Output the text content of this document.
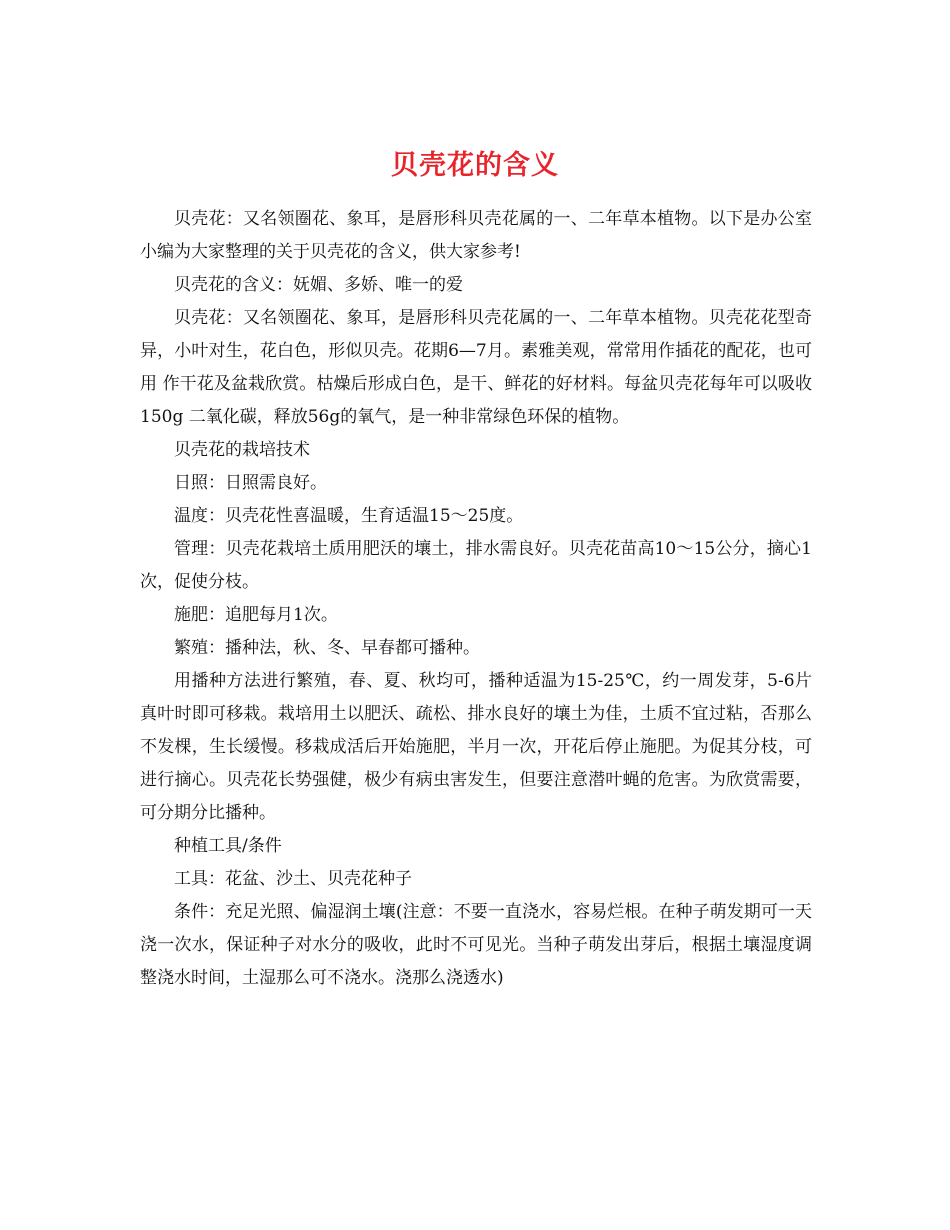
贝壳花的含义

贝壳花：又名领圈花、象耳，是唇形科贝壳花属的一、二年草本植物。以下是办公室小编为大家整理的关于贝壳花的含义，供大家参考!

贝壳花的含义：妩媚、多娇、唯一的爱

贝壳花：又名领圈花、象耳，是唇形科贝壳花属的一、二年草本植物。贝壳花花型奇异，小叶对生，花白色，形似贝壳。花期6—7月。素雅美观，常常用作插花的配花，也可用 作干花及盆栽欣赏。枯燥后形成白色，是干、鲜花的好材料。每盆贝壳花每年可以吸收150g 二氧化碳，释放56g的氧气，是一种非常绿色环保的植物。

贝壳花的栽培技术

日照：日照需良好。

温度：贝壳花性喜温暖，生育适温15～25度。

管理：贝壳花栽培土质用肥沃的壤土，排水需良好。贝壳花苗高10～15公分，摘心1次，促使分枝。

施肥：追肥每月1次。

繁殖：播种法，秋、冬、早春都可播种。

用播种方法进行繁殖，春、夏、秋均可，播种适温为15-25℃，约一周发芽，5-6片真叶时即可移栽。栽培用土以肥沃、疏松、排水良好的壤土为佳，土质不宜过粘，否那么不发棵，生长缓慢。移栽成活后开始施肥，半月一次，开花后停止施肥。为促其分枝，可进行摘心。贝壳花长势强健，极少有病虫害发生，但要注意潜叶蝇的危害。为欣赏需要，可分期分比播种。

种植工具/条件

工具：花盆、沙土、贝壳花种子

条件：充足光照、偏湿润土壤(注意：不要一直浇水，容易烂根。在种子萌发期可一天浇一次水，保证种子对水分的吸收，此时不可见光。当种子萌发出芽后，根据土壤湿度调整浇水时间，土湿那么可不浇水。浇那么浇透水)
